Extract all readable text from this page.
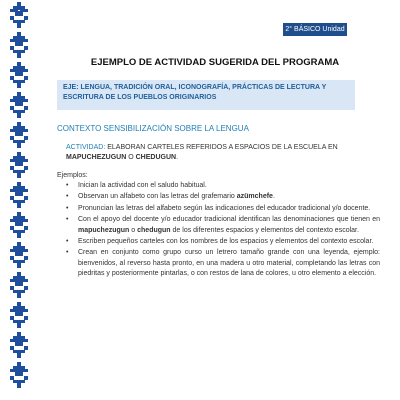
2° BÁSICO Unidad 3
EJEMPLO DE ACTIVIDAD SUGERIDA DEL PROGRAMA
EJE: LENGUA, TRADICIÓN ORAL, ICONOGRAFÍA, PRÁCTICAS DE LECTURA Y ESCRITURA DE LOS PUEBLOS ORIGINARIOS
CONTEXTO SENSIBILIZACIÓN SOBRE LA LENGUA
ACTIVIDAD: ELABORAN CARTELES REFERIDOS A ESPACIOS DE LA ESCUELA EN MAPUCHEZUGUN O CHEDUGUN.
Ejemplos:
• Inician la actividad con el saludo habitual.
• Observan un alfabeto con las letras del grafemario azümchefe.
• Pronuncian las letras del alfabeto según las indicaciones del educador tradicional y/o docente.
• Con el apoyo del docente y/o educador tradicional identifican las denominaciones que tienen en mapuchezugun o chedugun de los diferentes espacios y elementos del contexto escolar.
• Escriben pequeños carteles con los nombres de los espacios y elementos del contexto escolar.
• Crean en conjunto como grupo curso un letrero tamaño grande con una leyenda, ejemplo: bienvenidos, al reverso hasta pronto, en una madera u otro material, completando las letras con piedritas y posteriormente pintarlas, o con restos de lana de colores, u otro elemento a elección.
